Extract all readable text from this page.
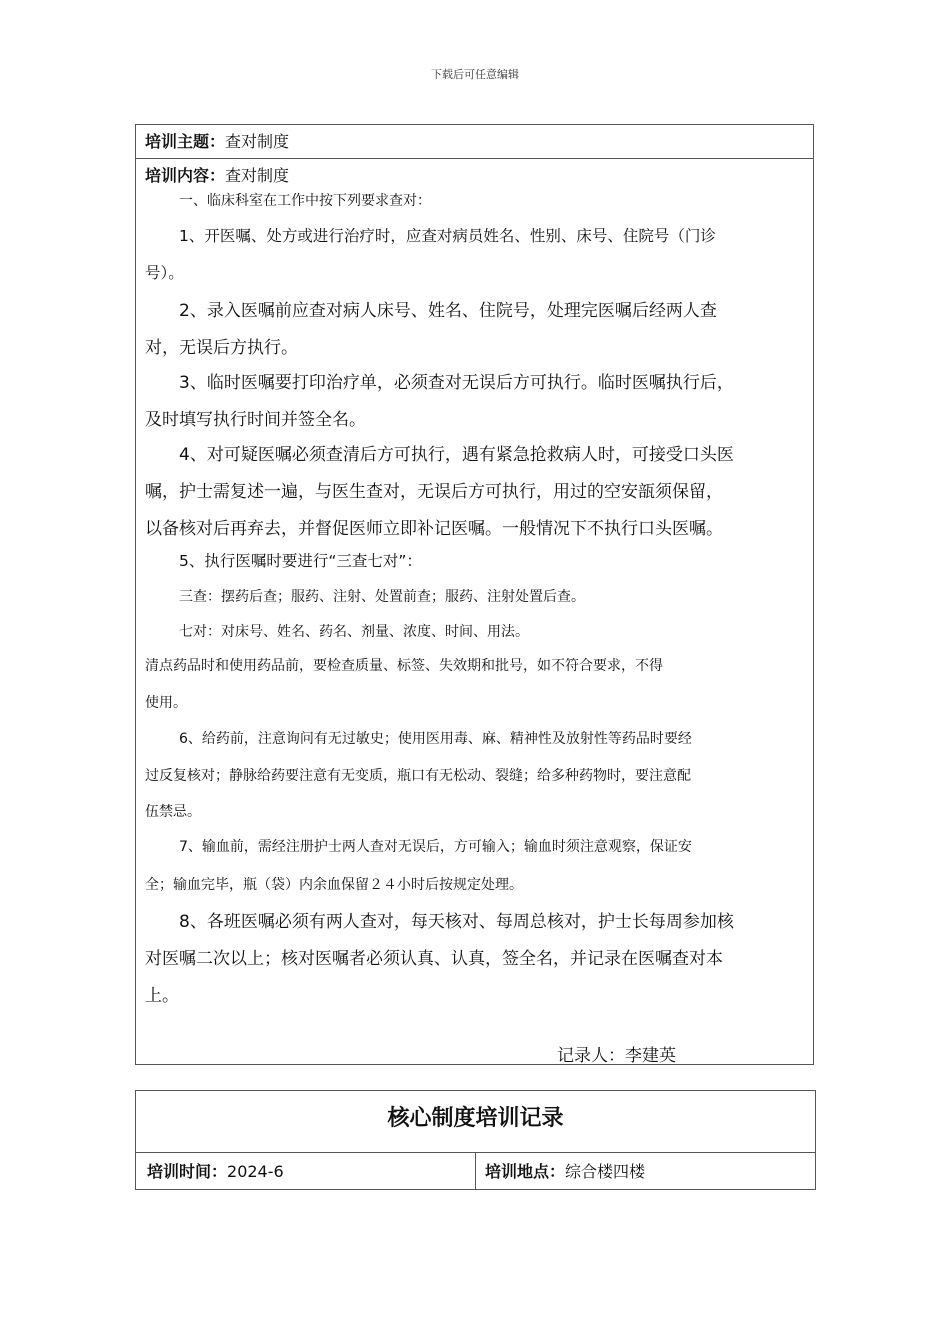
下载后可任意编辑
培训主题：查对制度
培训内容：查对制度
一、临床科室在工作中按下列要求查对：
1、开医嘱、处方或进行治疗时，应查对病员姓名、性别、床号、住院号（门诊
号）。
2、录入医嘱前应查对病人床号、姓名、住院号，处理完医嘱后经两人查
对，无误后方执行。
3、临时医嘱要打印治疗单，必须查对无误后方可执行。临时医嘱执行后，
及时填写执行时间并签全名。
4、对可疑医嘱必须查清后方可执行，遇有紧急抢救病人时，可接受口头医
嘱，护士需复述一遍，与医生查对，无误后方可执行，用过的空安瓿须保留，
以备核对后再弃去，并督促医师立即补记医嘱。一般情况下不执行口头医嘱。
5、执行医嘱时要进行“三查七对”：
三查：摆药后查；服药、注射、处置前查；服药、注射处置后查。
七对：对床号、姓名、药名、剂量、浓度、时间、用法。
清点药品时和使用药品前，要检查质量、标签、失效期和批号，如不符合要求，不得
使用。
6、给药前，注意询问有无过敏史；使用医用毒、麻、精神性及放射性等药品时要经
过反复核对；静脉给药要注意有无变质，瓶口有无松动、裂缝；给多种药物时，要注意配
伍禁忌。
7、输血前，需经注册护士两人查对无误后，方可输入；输血时须注意观察，保证安
全；输血完毕，瓶（袋）内余血保留２４小时后按规定处理。
8、各班医嘱必须有两人查对，每天核对、每周总核对，护士长每周参加核
对医嘱二次以上；核对医嘱者必须认真、认真，签全名，并记录在医嘱查对本
上。
记录人：李建英
核心制度培训记录
培训时间：2024-6	培训地点：综合楼四楼
